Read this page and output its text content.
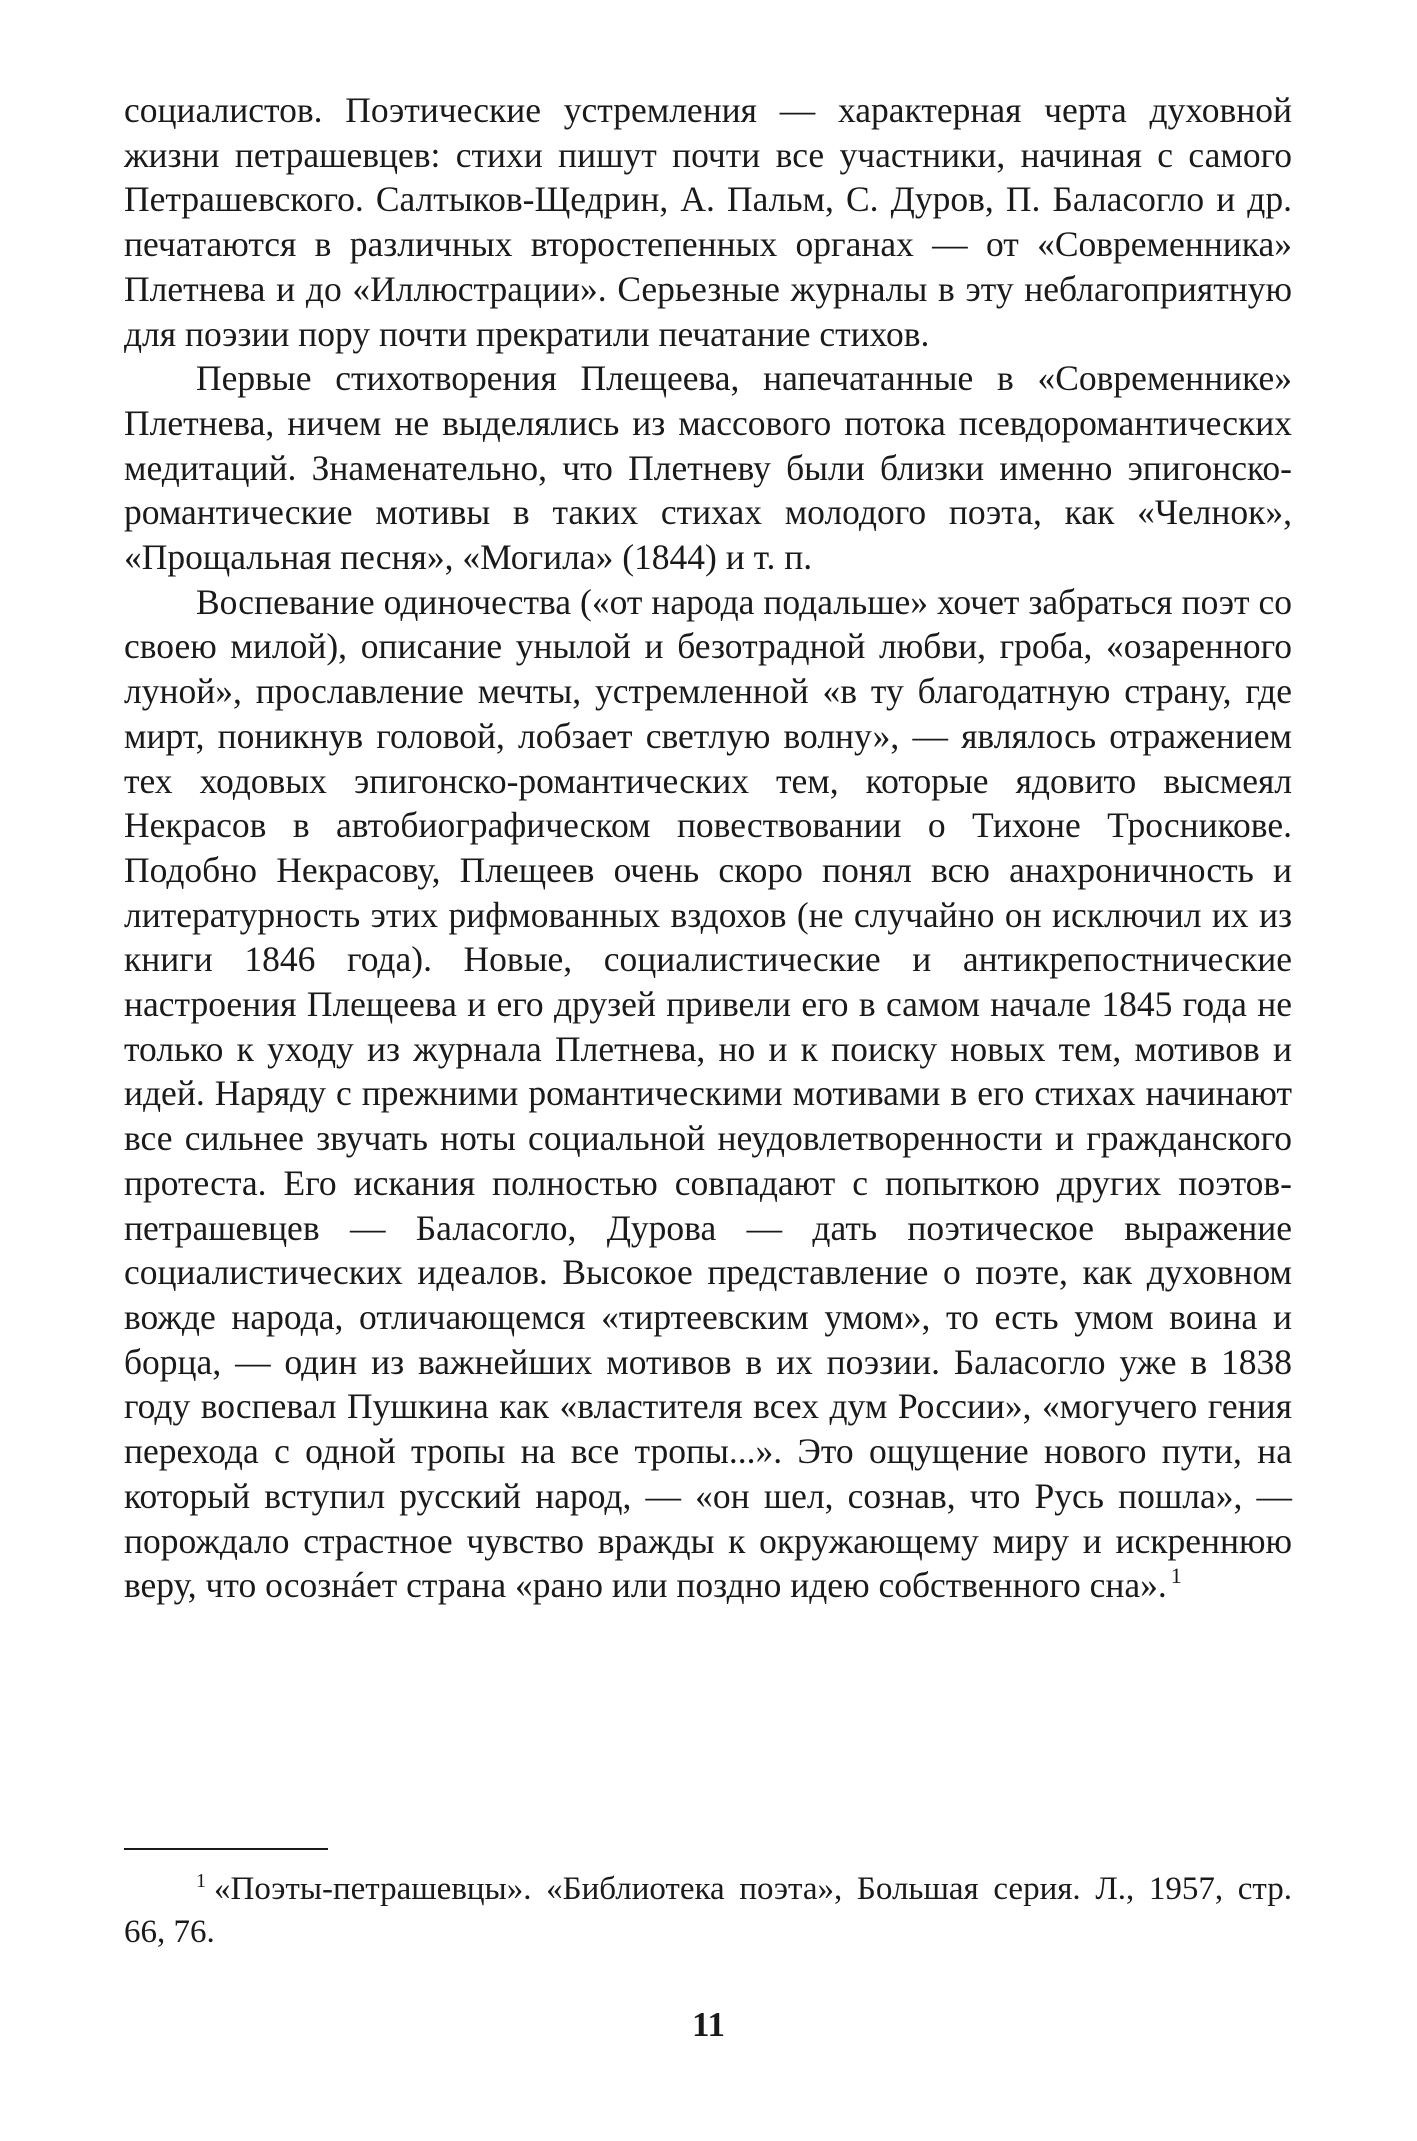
социалистов. Поэтические устремления — характерная черта духовной жизни петрашевцев: стихи пишут почти все участники, начиная с самого Петрашевского. Салтыков-Щедрин, А. Пальм, С. Дуров, П. Баласогло и др. печатаются в различных второстепенных органах — от «Современника» Плетнева и до «Иллюстрации». Серьезные журналы в эту неблагоприятную для поэзии пору почти прекратили печатание стихов.

Первые стихотворения Плещеева, напечатанные в «Современнике» Плетнева, ничем не выделялись из массового потока псевдоромантических медитаций. Знаменательно, что Плетневу были близки именно эпигонско-романтические мотивы в таких стихах молодого поэта, как «Челнок», «Прощальная песня», «Могила» (1844) и т. п.

Воспевание одиночества («от народа подальше» хочет забраться поэт со своею милой), описание унылой и безотрадной любви, гроба, «озаренного луной», прославление мечты, устремленной «в ту благодатную страну, где мирт, поникнув головой, лобзает светлую волну», — являлось отражением тех ходовых эпигонско-романтических тем, которые ядовито высмеял Некрасов в автобиографическом повествовании о Тихоне Тросникове. Подобно Некрасову, Плещеев очень скоро понял всю анахроничность и литературность этих рифмованных вздохов (не случайно он исключил их из книги 1846 года). Новые, социалистические и антикрепостнические настроения Плещеева и его друзей привели его в самом начале 1845 года не только к уходу из журнала Плетнева, но и к поиску новых тем, мотивов и идей. Наряду с прежними романтическими мотивами в его стихах начинают все сильнее звучать ноты социальной неудовлетворенности и гражданского протеста. Его искания полностью совпадают с попыткою других поэтов-петрашевцев — Баласогло, Дурова — дать поэтическое выражение социалистических идеалов. Высокое представление о поэте, как духовном вожде народа, отличающемся «тиртеевским умом», то есть умом воина и борца, — один из важнейших мотивов в их поэзии. Баласогло уже в 1838 году воспевал Пушкина как «властителя всех дум России», «могучего гения перехода с одной тропы на все тропы...». Это ощущение нового пути, на который вступил русский народ, — «он шел, сознав, что Русь пошла», — порождало страстное чувство вражды к окружающему миру и искреннюю веру, что осознáет страна «рано или поздно идею собственного сна». $^1$

$^1$ «Поэты-петрашевцы». «Библиотека поэта», Большая серия. Л., 1957, стр. 66, 76.

11
